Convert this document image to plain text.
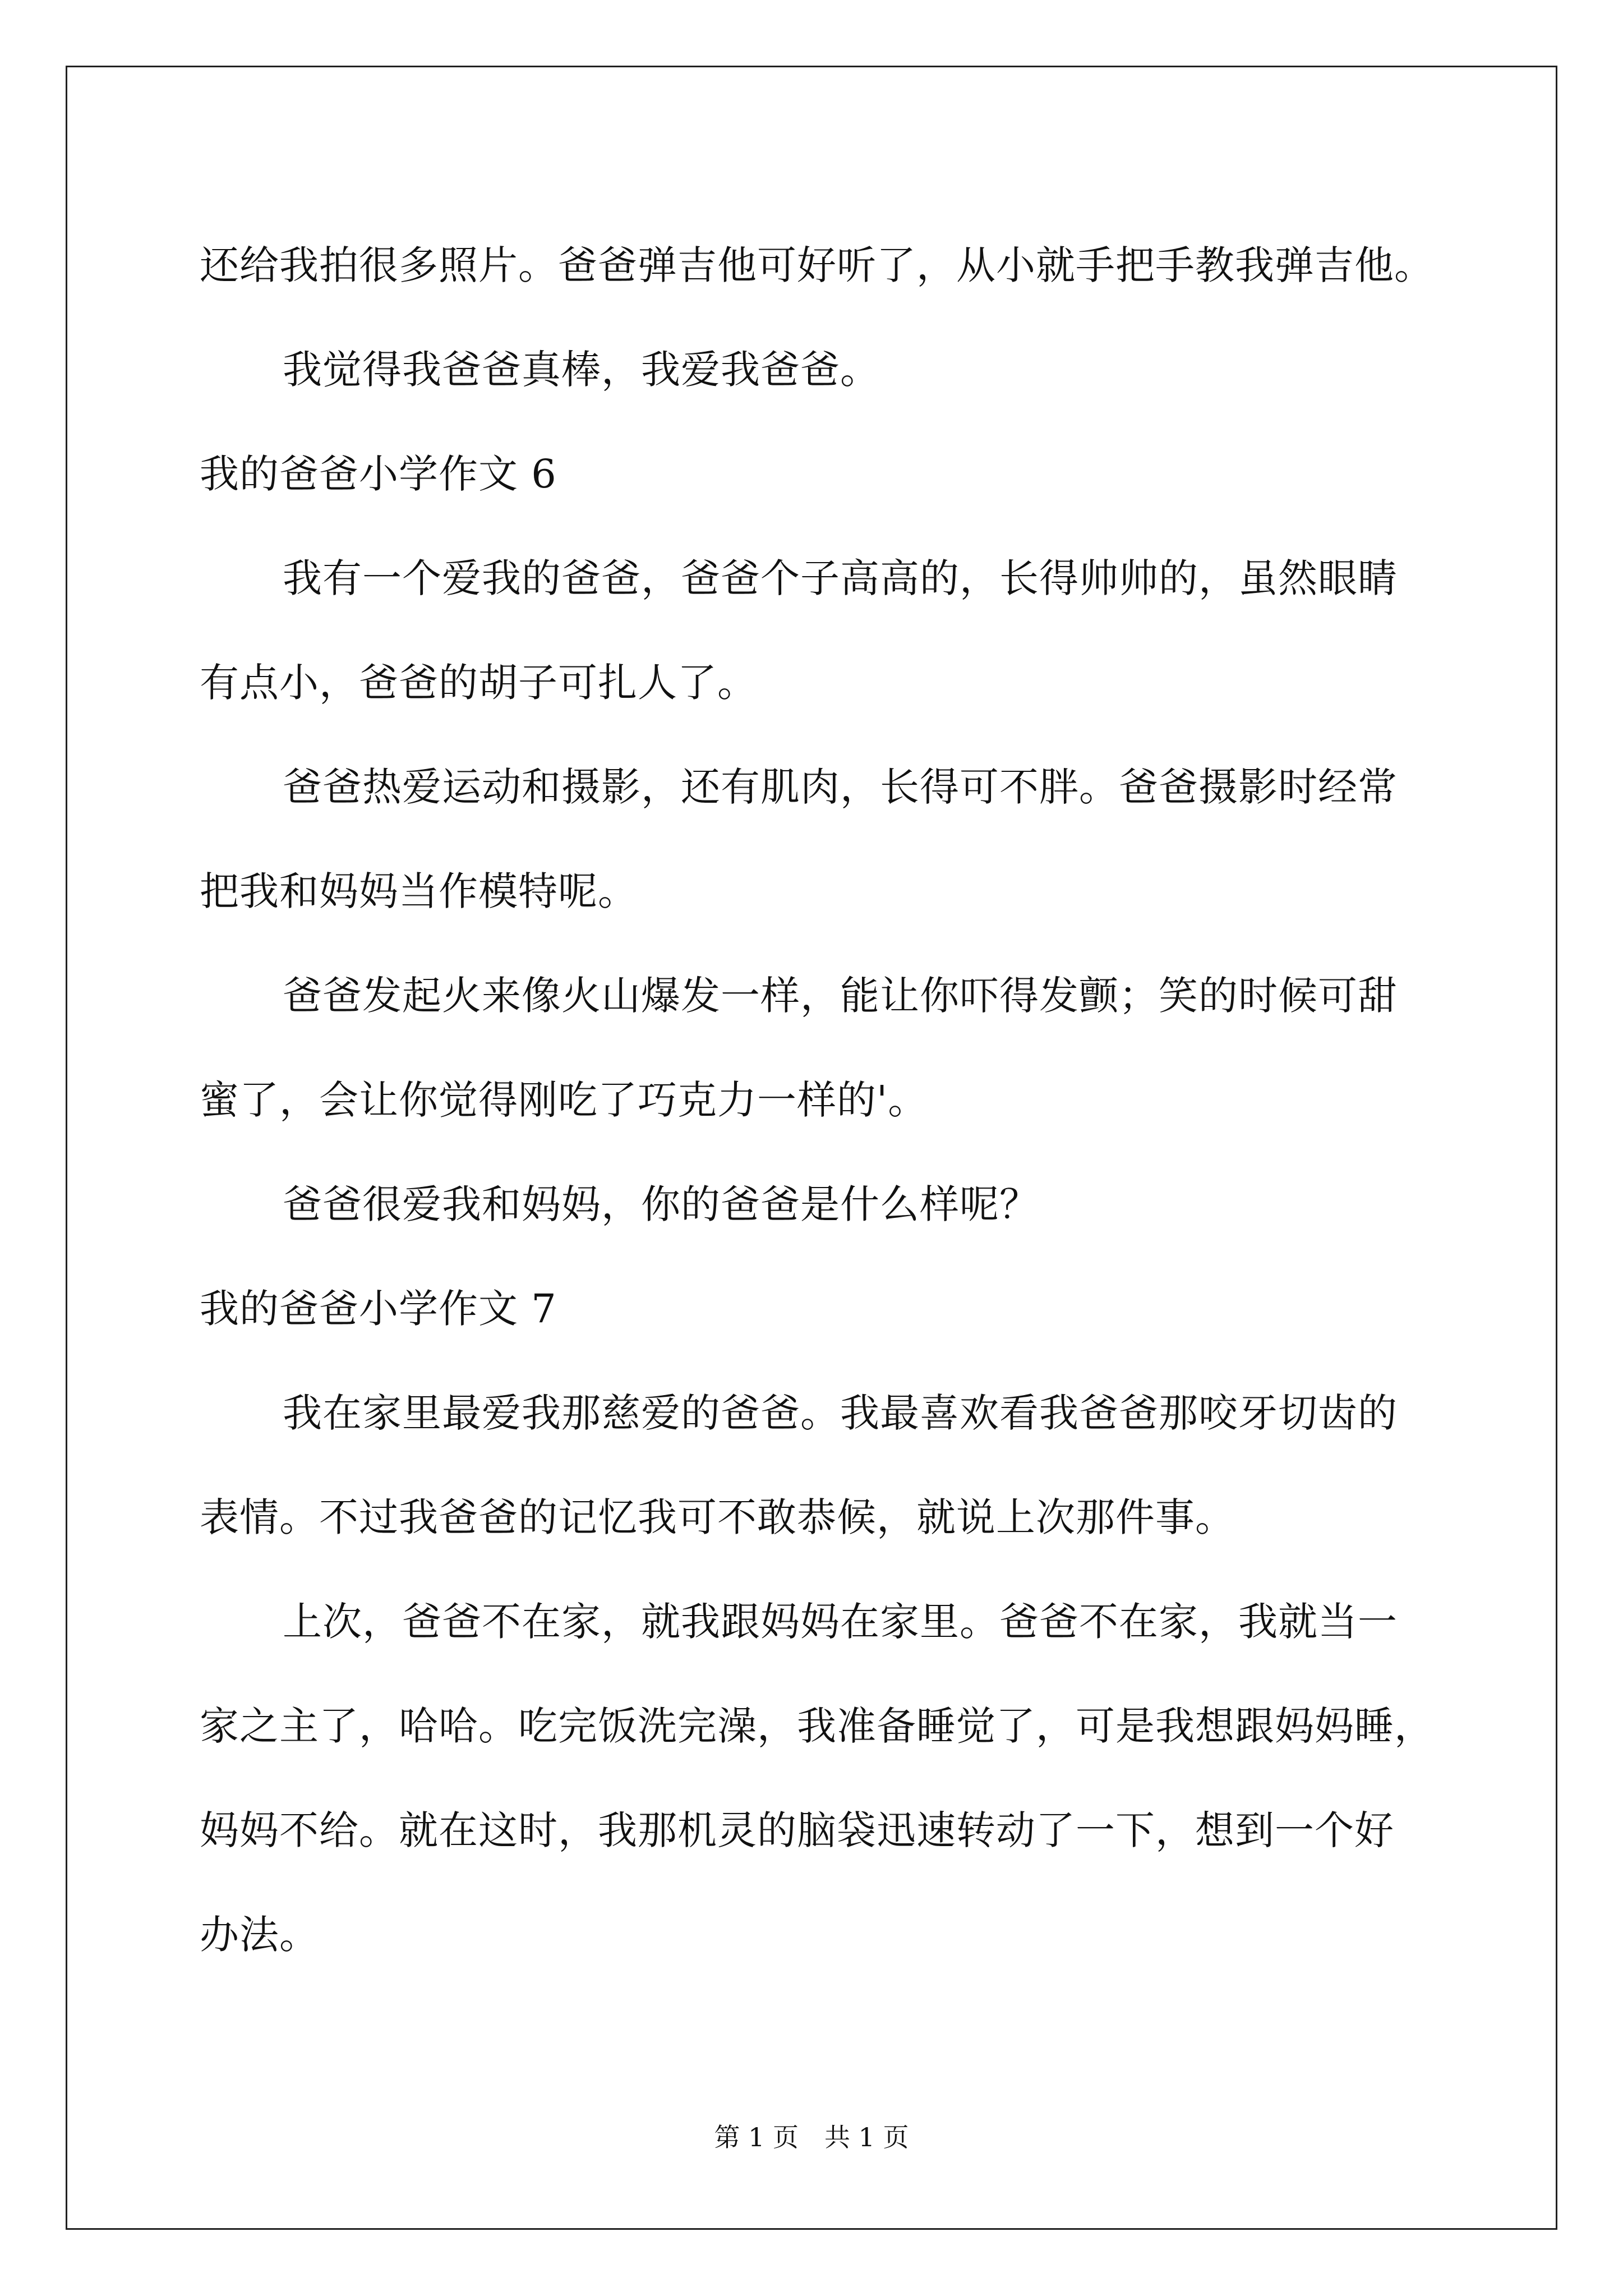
还给我拍很多照片。爸爸弹吉他可好听了，从小就手把手教我弹吉他。
我觉得我爸爸真棒，我爱我爸爸。
我的爸爸小学作文 6
我有一个爱我的爸爸，爸爸个子高高的，长得帅帅的，虽然眼睛
有点小，爸爸的胡子可扎人了。
爸爸热爱运动和摄影，还有肌肉，长得可不胖。爸爸摄影时经常
把我和妈妈当作模特呢。
爸爸发起火来像火山爆发一样，能让你吓得发颤；笑的时候可甜
蜜了，会让你觉得刚吃了巧克力一样的'。
爸爸很爱我和妈妈，你的爸爸是什么样呢？
我的爸爸小学作文 7
我在家里最爱我那慈爱的爸爸。我最喜欢看我爸爸那咬牙切齿的
表情。不过我爸爸的记忆我可不敢恭候，就说上次那件事。
上次，爸爸不在家，就我跟妈妈在家里。爸爸不在家，我就当一
家之主了，哈哈。吃完饭洗完澡，我准备睡觉了，可是我想跟妈妈睡，
妈妈不给。就在这时，我那机灵的脑袋迅速转动了一下，想到一个好
办法。
第 1 页 共 1 页
